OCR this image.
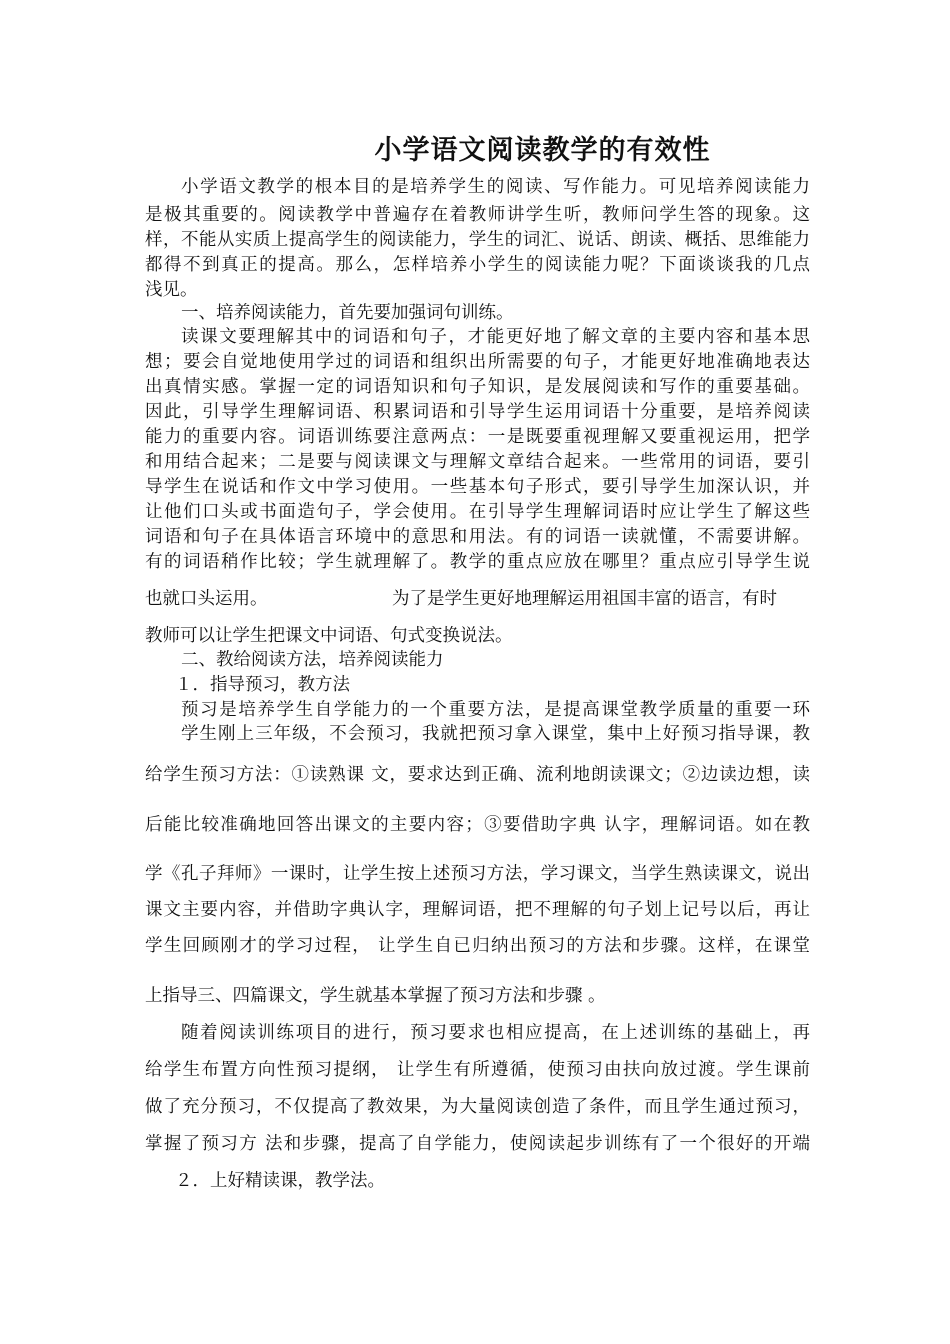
小学语文阅读教学的有效性
小学语文教学的根本目的是培养学生的阅读、写作能力。可见培养阅读能力
是极其重要的。阅读教学中普遍存在着教师讲学生听，教师问学生答的现象。这
样，不能从实质上提高学生的阅读能力，学生的词汇、说话、朗读、概括、思维能力
都得不到真正的提高。那么，怎样培养小学生的阅读能力呢？下面谈谈我的几点
浅见。
一、培养阅读能力，首先要加强词句训练。
读课文要理解其中的词语和句子，才能更好地了解文章的主要内容和基本思
想；要会自觉地使用学过的词语和组织出所需要的句子，才能更好地准确地表达
出真情实感。掌握一定的词语知识和句子知识，是发展阅读和写作的重要基础。
因此，引导学生理解词语、积累词语和引导学生运用词语十分重要，是培养阅读
能力的重要内容。词语训练要注意两点：一是既要重视理解又要重视运用，把学
和用结合起来；二是要与阅读课文与理解文章结合起来。一些常用的词语，要引
导学生在说话和作文中学习使用。一些基本句子形式，要引导学生加深认识，并
让他们口头或书面造句子，学会使用。在引导学生理解词语时应让学生了解这些
词语和句子在具体语言环境中的意思和用法。有的词语一读就懂，不需要讲解。
有的词语稍作比较；学生就理解了。教学的重点应放在哪里？重点应引导学生说
也就口头运用。	为了是学生更好地理解运用祖国丰富的语言，有时
教师可以让学生把课文中词语、句式变换说法。
二、教给阅读方法，培养阅读能力
１．指导预习，教方法
预习是培养学生自学能力的一个重要方法，是提高课堂教学质量的重要一环
学生刚上三年级，不会预习，我就把预习拿入课堂，集中上好预习指导课，教
给学生预习方法：①读熟课 文，要求达到正确、流利地朗读课文；②边读边想，读
后能比较准确地回答出课文的主要内容；③要借助字典 认字，理解词语。如在教
学《孔子拜师》一课时，让学生按上述预习方法，学习课文，当学生熟读课文，说出
课文主要内容，并借助字典认字，理解词语，把不理解的句子划上记号以后，再让
学生回顾刚才的学习过程， 让学生自已归纳出预习的方法和步骤。这样，在课堂
上指导三、四篇课文，学生就基本掌握了预习方法和步骤 。
随着阅读训练项目的进行，预习要求也相应提高，在上述训练的基础上，再
给学生布置方向性预习提纲， 让学生有所遵循，使预习由扶向放过渡。学生课前
做了充分预习，不仅提高了教效果，为大量阅读创造了条件，而且学生通过预习，
掌握了预习方 法和步骤，提高了自学能力，使阅读起步训练有了一个很好的开端
２．上好精读课，教学法。
